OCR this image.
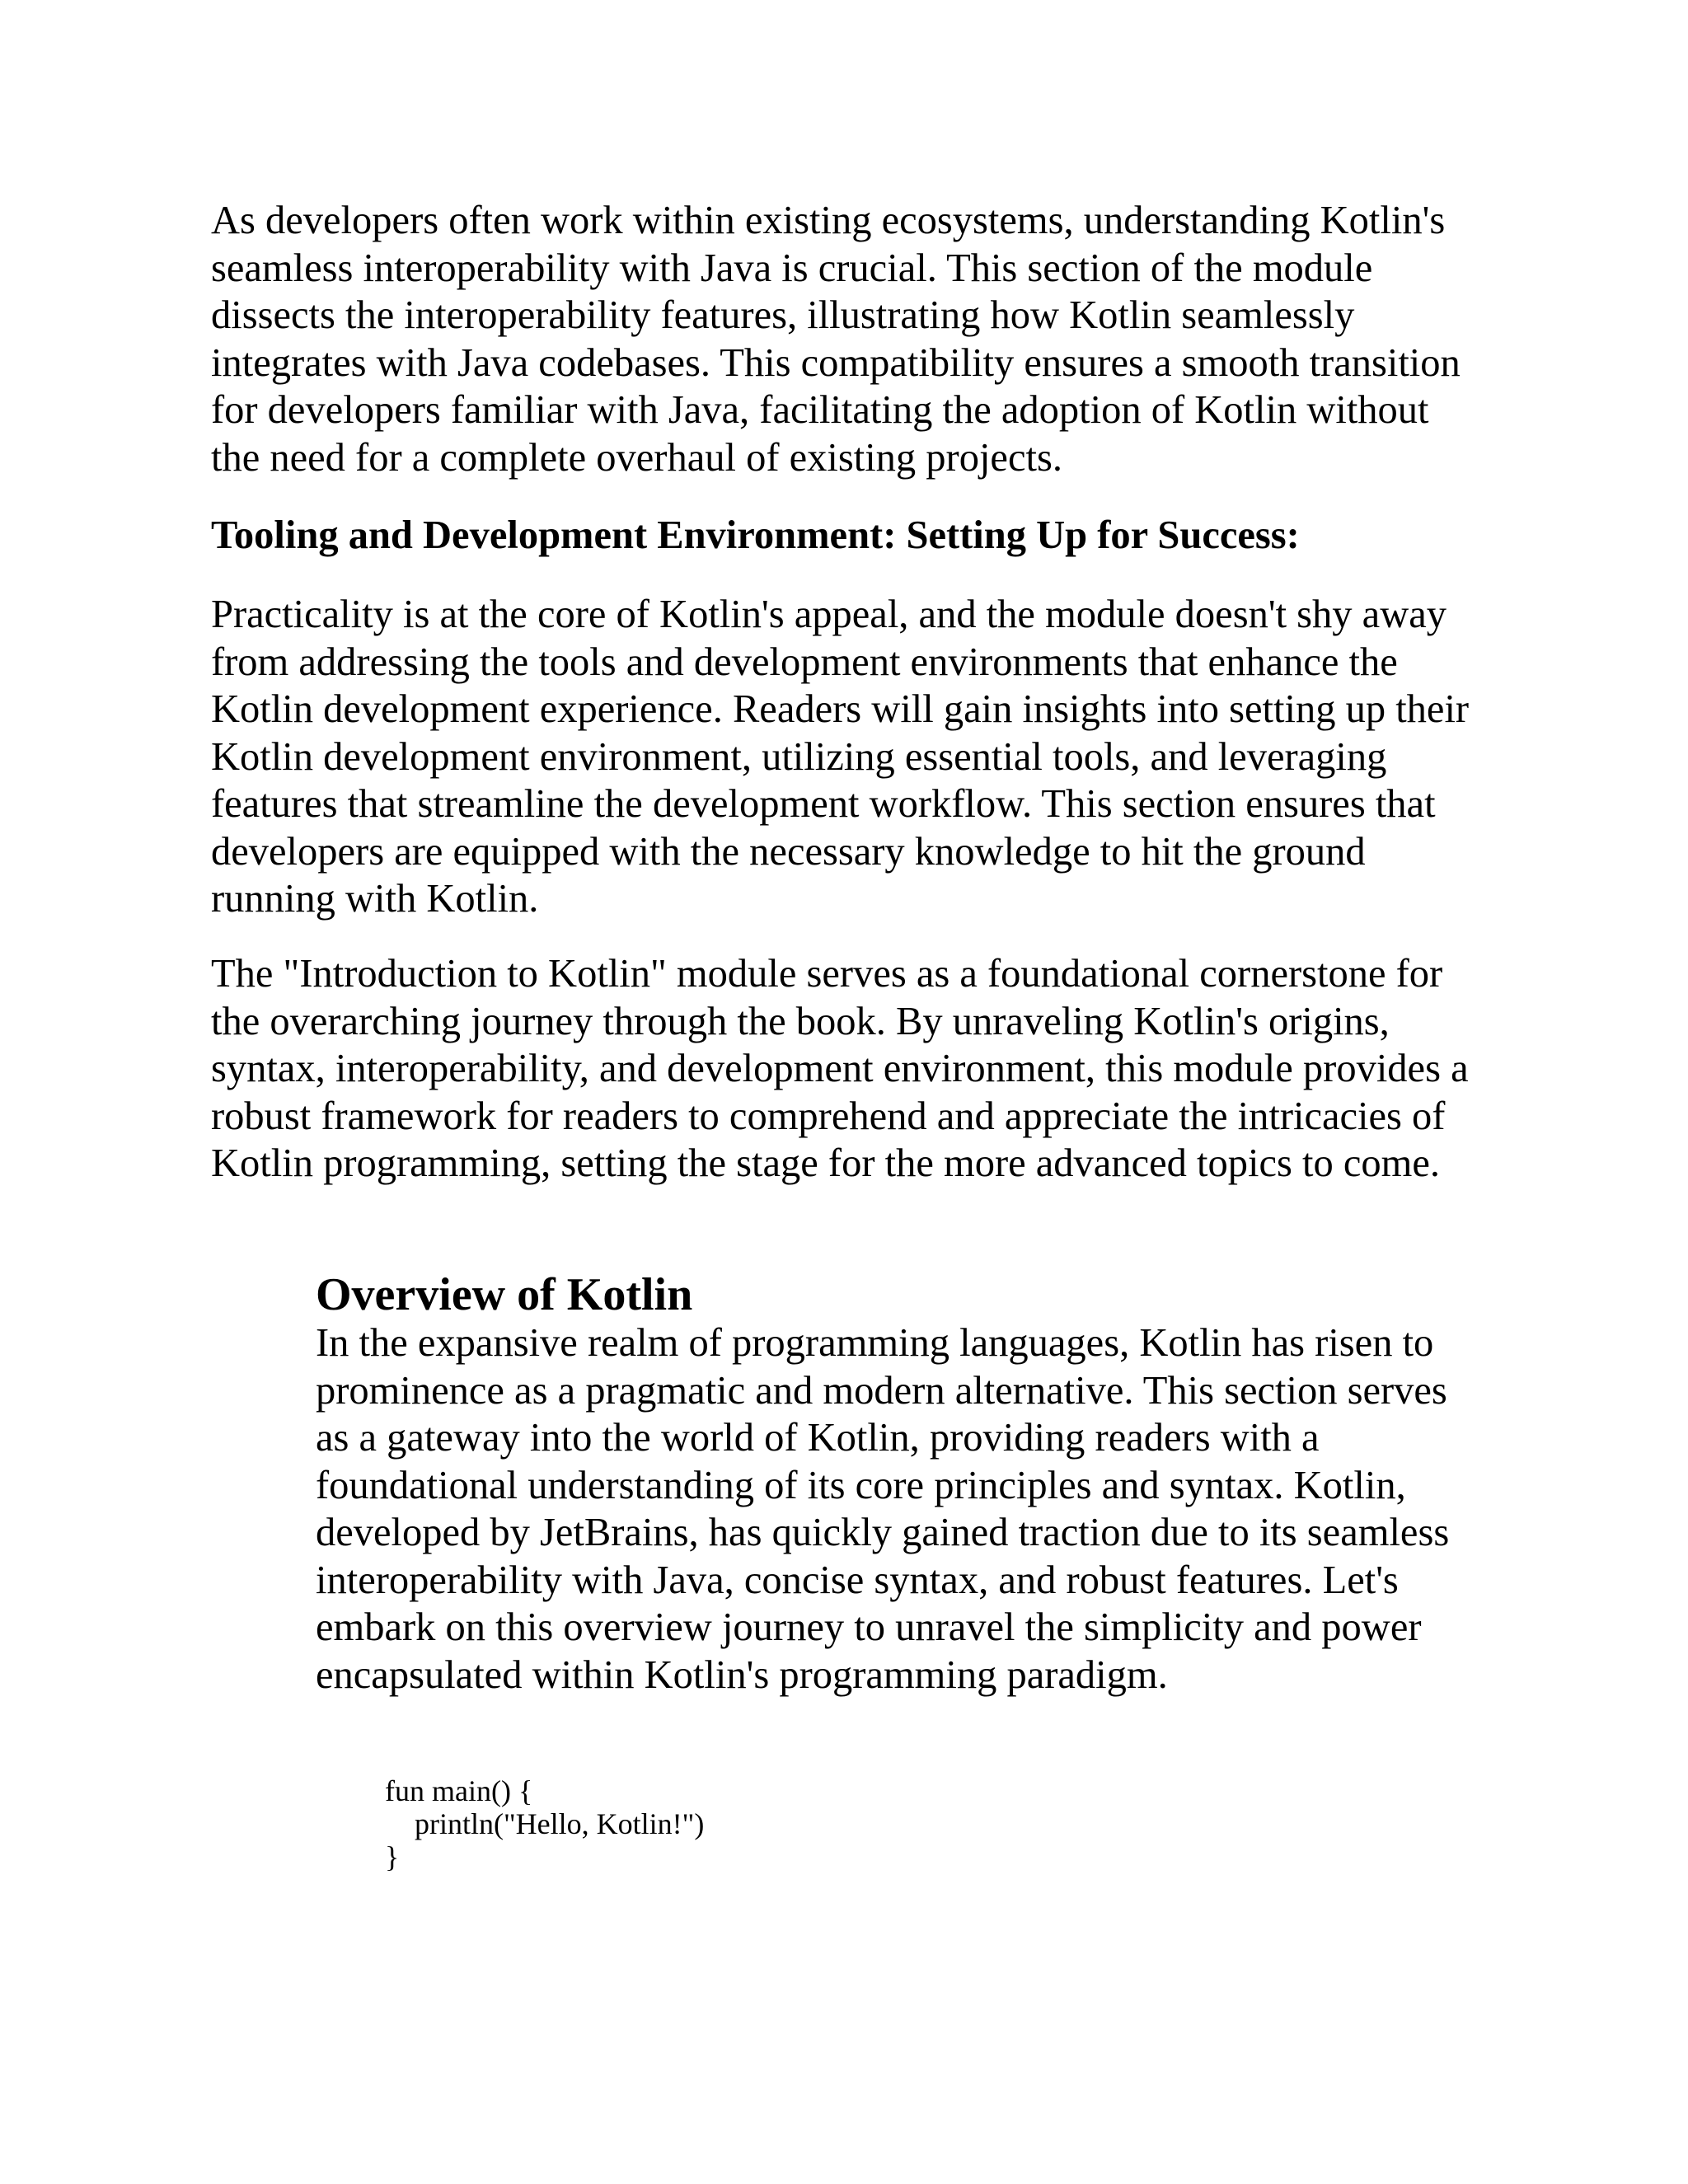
As developers often work within existing ecosystems, understanding Kotlin's seamless interoperability with Java is crucial. This section of the module dissects the interoperability features, illustrating how Kotlin seamlessly integrates with Java codebases. This compatibility ensures a smooth transition for developers familiar with Java, facilitating the adoption of Kotlin without the need for a complete overhaul of existing projects.

Tooling and Development Environment: Setting Up for Success:

Practicality is at the core of Kotlin's appeal, and the module doesn't shy away from addressing the tools and development environments that enhance the Kotlin development experience. Readers will gain insights into setting up their Kotlin development environment, utilizing essential tools, and leveraging features that streamline the development workflow. This section ensures that developers are equipped with the necessary knowledge to hit the ground running with Kotlin.

The "Introduction to Kotlin" module serves as a foundational cornerstone for the overarching journey through the book. By unraveling Kotlin's origins, syntax, interoperability, and development environment, this module provides a robust framework for readers to comprehend and appreciate the intricacies of Kotlin programming, setting the stage for the more advanced topics to come.

Overview of Kotlin

In the expansive realm of programming languages, Kotlin has risen to prominence as a pragmatic and modern alternative. This section serves as a gateway into the world of Kotlin, providing readers with a foundational understanding of its core principles and syntax. Kotlin, developed by JetBrains, has quickly gained traction due to its seamless interoperability with Java, concise syntax, and robust features. Let's embark on this overview journey to unravel the simplicity and power encapsulated within Kotlin's programming paradigm.

fun main() {
println("Hello, Kotlin!")
}
